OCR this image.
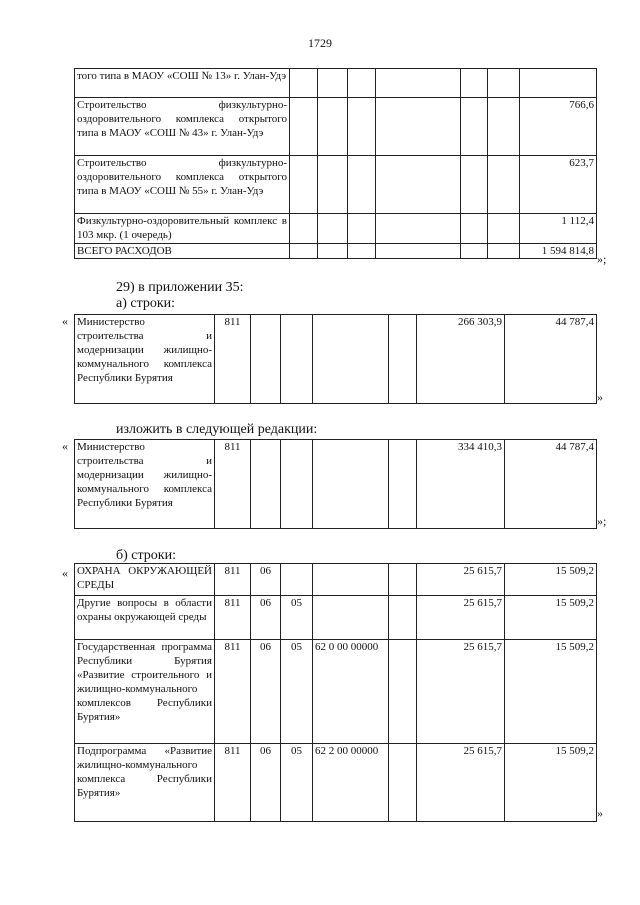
1729
того типа в МАОУ «СОШ № 13» г. Улан-Удэ							
Строительство физкультурно-оздоровительного комплекса открытого типа в МАОУ «СОШ № 43» г. Улан-Удэ							766,6
Строительство физкультурно-оздоровительного комплекса открытого типа в МАОУ «СОШ № 55» г. Улан-Удэ							623,7
Физкультурно-оздоровительный комплекс в 103 мкр. (1 очередь)							1 112,4
ВСЕГО РАСХОДОВ							1 594 814,8
»;
29) в приложении 35:
а) строки:
« Министерство строительства и модернизации жилищно-коммунального комплекса Республики Бурятия	811					266 303,9	44 787,4
»
изложить в следующей редакции:
« Министерство строительства и модернизации жилищно-коммунального комплекса Республики Бурятия	811					334 410,3	44 787,4
»;
б) строки:
« ОХРАНА ОКРУЖАЮЩЕЙ СРЕДЫ	811	06				25 615,7	15 509,2
Другие вопросы в области охраны окружающей среды	811	06	05			25 615,7	15 509,2
Государственная программа Республики Бурятия «Развитие строительного и жилищно-коммунального комплексов Республики Бурятия»	811	06	05	62 0 00 00000		25 615,7	15 509,2
Подпрограмма «Развитие жилищно-коммунального комплекса Республики Бурятия»	811	06	05	62 2 00 00000		25 615,7	15 509,2
»
